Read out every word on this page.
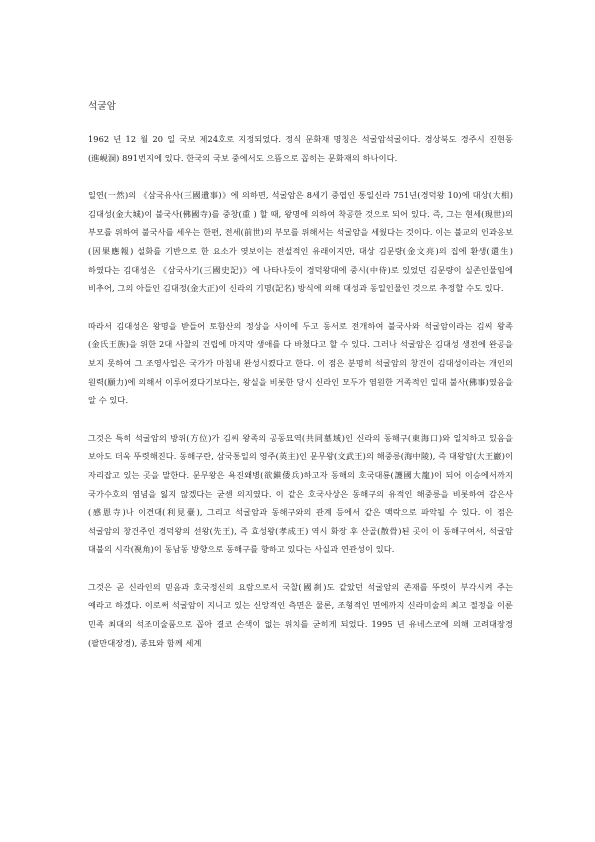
석굴암

1962 년 12 월 20 일 국보 제24호로 지정되었다. 정식 문화재 명칭은 석굴암석굴이다. 경상북도 경주시 진현동(進峴洞) 891번지에 있다. 한국의 국보 중에서도 으뜸으로 꼽히는 문화재의 하나이다.

일연(一然)의 《삼국유사(三國遺事)》에 의하면, 석굴암은 8세기 중엽인 통일신라 751년(경덕왕 10)에 대상(大相) 김대성(金大城)이 불국사(佛國寺)를 중창(重 ) 할 때, 왕명에 의하여 착공한 것으로 되어 있다. 즉, 그는 현세(現世)의 부모를 위하여 불국사를 세우는 한편, 전세(前世)의 부모를 위해서는 석굴암을 세웠다는 것이다. 이는 불교의 인과응보(因果應報) 설화를 기반으로 한 요소가 엿보이는 전설적인 유래이지만, 대상 김문량(金文亮)의 집에 환생(還生)하였다는 김대성은 《삼국사기(三國史記)》에 나타나듯이 경덕왕대에 중시(中侍)로 있었던 김문량이 실존인물임에 비추어, 그의 아들인 김대정(金大正)이 신라의 기명(記名) 방식에 의해 대성과 동일인물인 것으로 추정할 수도 있다.

따라서 김대성은 왕명을 받들어 토함산의 정상을 사이에 두고 동서로 전개하여 불국사와 석굴암이라는 김씨 왕족(金氏王族)을 위한 2대 사찰의 건립에 마지막 생애를 다 바쳤다고 할 수 있다. 그러나 석굴암은 김대성 생전에 완공을 보지 못하여 그 조영사업은 국가가 마침내 완성시켰다고 한다. 이 점은 분명히 석굴암의 창건이 김대성이라는 개인의 원력(願力)에 의해서 이루어졌다기보다는, 왕실을 비롯한 당시 신라인 모두가 염원한 거족적인 일대 불사(佛事)였음을 알 수 있다.

그것은 특히 석굴암의 방위(方位)가 김씨 왕족의 공동묘역(共同墓域)인 신라의 동해구(東海口)와 일치하고 있음을 보아도 더욱 뚜렷해진다. 동해구란, 삼국통일의 영주(英主)인 문무왕(文武王)의 해중릉(海中陵), 즉 대왕암(大王巖)이 자리잡고 있는 곳을 말한다. 문무왕은 욕진왜병(欲鎭倭兵)하고자 동해의 호국대룡(護國大龍)이 되어 이승에서까지 국가수호의 염념을 잃지 않겠다는 굳센 의지였다. 이 같은 호국사상은 동해구의 유적인 해중릉을 비롯하여 감은사(感恩寺)나 이견대(利見臺), 그리고 석굴암과 동해구와의 관계 등에서 같은 맥락으로 파악될 수 있다. 이 점은 석굴암의 창건주인 경덕왕의 선왕(先王), 즉 효성왕(孝成王) 역시 화장 후 산골(散骨)된 곳이 이 동해구여서, 석굴암 대불의 시각(視角)이 동남동 방향으로 동해구를 향하고 있다는 사실과 연관성이 있다.

그것은 곧 신라인의 믿음과 호국정신의 요람으로서 국찰(國刹)도 같았던 석굴암의 존재를 뚜렷이 부각시켜 주는 예라고 하겠다. 이로써 석굴암이 지니고 있는 신앙적인 측면은 물론, 조형적인 면에까지 신라미술의 최고 절정을 이룬 민족 최대의 석조미술품으로 꼽아 결코 손색이 없는 위치를 굳히게 되었다. 1995 년 유네스코에 의해 고려대장경(팔만대장경), 종묘와 함께 세계
